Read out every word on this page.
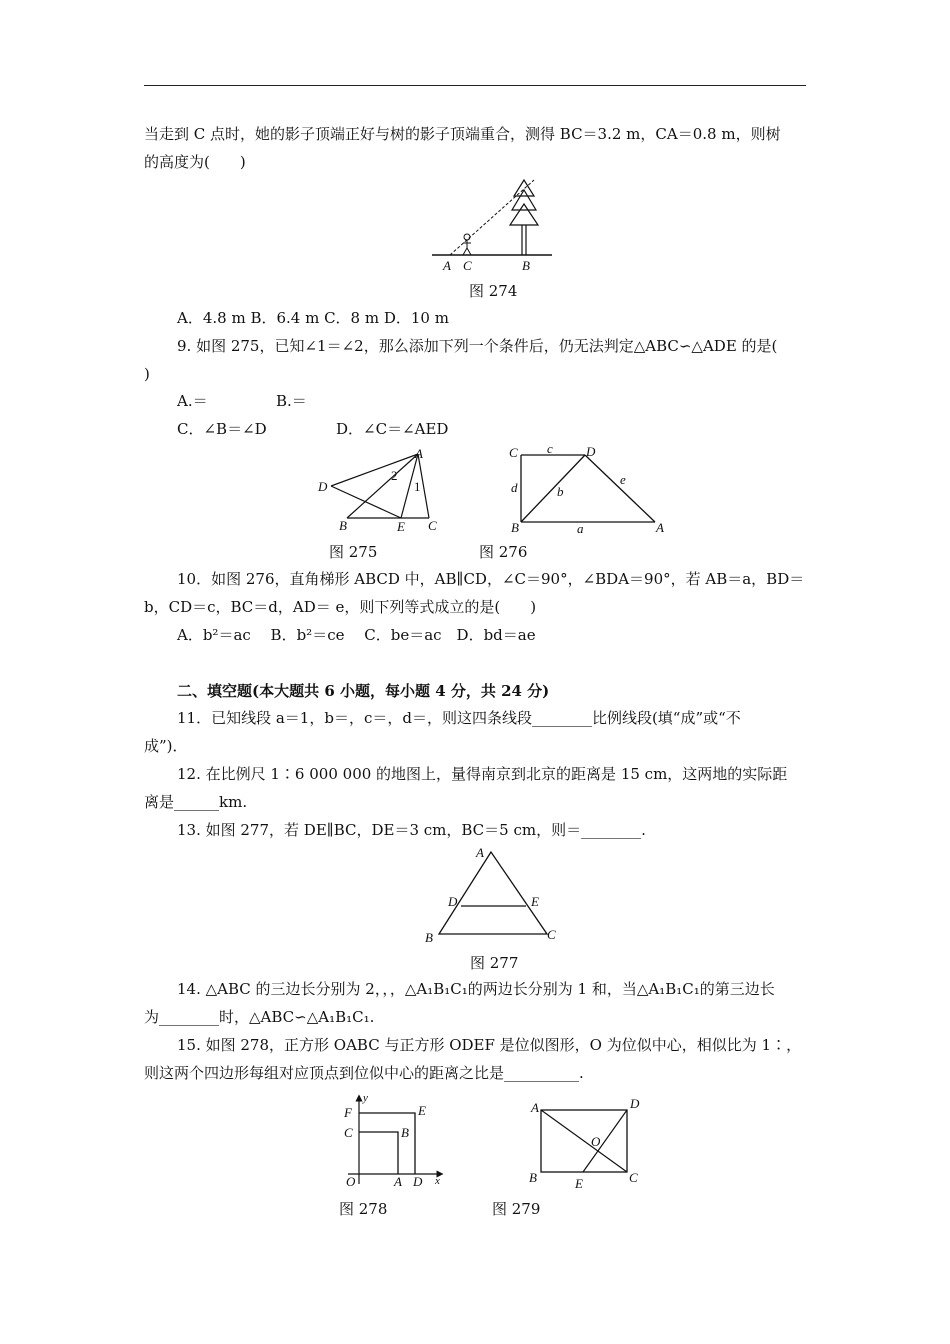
当走到 C 点时，她的影子顶端正好与树的影子顶端重合，测得 BC＝3.2 m，CA＝0.8 m，则树
的高度为(　　)
A C	B
图 274
A．4.8 m B．6.4 m C．8 m D．10 m
9. 如图 275，已知∠1＝∠2，那么添加下列一个条件后，仍无法判定△ABC∽△ADE 的是(
)
A.＝	B.＝
C．∠B＝∠D	D．∠C＝∠AED
A
D
2
1
B	E C
图 275
C c	D
d	b
e
B	a	A
图 276
10．如图 276，直角梯形 ABCD 中，AB∥CD，∠C＝90°，∠BDA＝90°，若 AB＝a，BD＝
b，CD＝c，BC＝d，AD＝ e，则下列等式成立的是(　　)
A．b²＝ac　 B．b²＝ce　 C．be＝ac　D．bd＝ae
二、填空题(本大题共 6 小题，每小题 4 分，共 24 分)
11．已知线段 a＝1，b＝，c＝，d＝，则这四条线段________比例线段(填“成”或“不
成”)．
12. 在比例尺 1∶6 000 000 的地图上，量得南京到北京的距离是 15 cm，这两地的实际距
离是______km.
13. 如图 277，若 DE∥BC，DE＝3 cm，BC＝5 cm，则＝________.
A
D	E
B	C
图 277
14. △ABC 的三边长分别为 2，，，△A₁B₁C₁的两边长分别为 1 和，当△A₁B₁C₁的第三边长
为________时，△ABC∽△A₁B₁C₁.
15. 如图 278，正方形 OABC 与正方形 ODEF 是位似图形，O 为位似中心，相似比为 1∶，
则这两个四边形每组对应顶点到位似中心的距离之比是__________.
y
F	E
C	B
O	A D x
图 278
A	D
O
B	E	C
图 279
